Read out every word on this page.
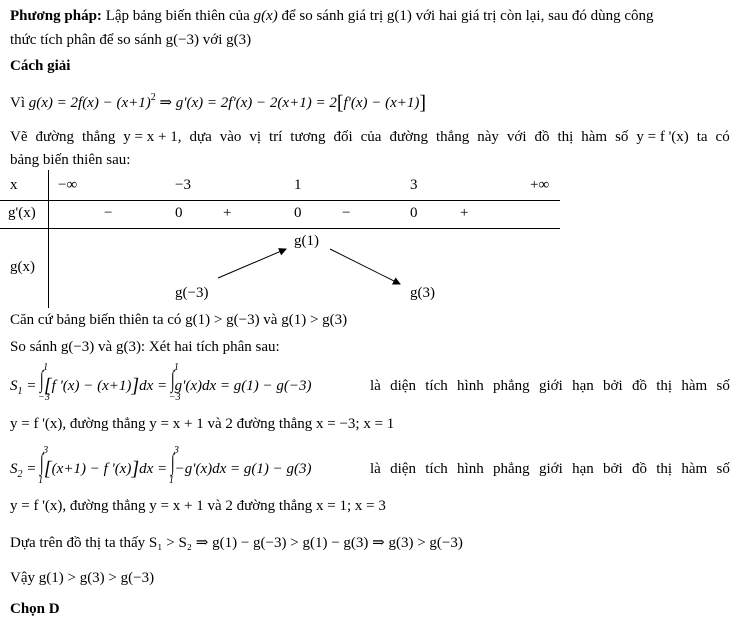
Phương pháp: Lập bảng biến thiên của g(x) để so sánh giá trị g(1) với hai giá trị còn lại, sau đó dùng công
thức tích phân để so sánh g(−3) với g(3)
Cách giải
Vì $g(x) = 2f(x) - (x+1)^2$ ⇒ g'(x) = 2f'(x) − 2(x+1) = 2[f'(x) − (x+1)]
Vẽ đường thẳng y = x + 1, dựa vào vị trí tương đối của đường thẳng này với đồ thị hàm số y = f '(x) ta có
bảng biến thiên sau:
x	−∞	−3	1	3	+∞
g'(x)	−	0	+	0	−	0	+
g(x)
g(1)
g(−3)	g(3)
Căn cứ bảng biến thiên ta có g(1) > g(−3) và g(1) > g(3)
So sánh g(−3) và g(3): Xét hai tích phân sau:
$S_1$ = ∫ 1
−3
[f '(x) − (x+1)]dx = ∫ 1
−3
g'(x)dx = g(1) − g(−3)	là diện tích hình phẳng giới hạn bởi đồ thị hàm số
y = f '(x), đường thẳng y = x + 1 và 2 đường thẳng x = −3; x = 1
$S_2$ = ∫ 3
1
[(x+1) − f '(x)]dx = ∫ 3
1
−g'(x)dx = g(1) − g(3)	là diện tích hình phẳng giới hạn bởi đồ thị hàm số
y = f '(x), đường thẳng y = x + 1 và 2 đường thẳng x = 1; x = 3
Dựa trên đồ thị ta thấy S₁ > S₂ ⇒ g(1) − g(−3) > g(1) − g(3) ⇒ g(3) > g(−3)
Vậy g(1) > g(3) > g(−3)
Chọn D
